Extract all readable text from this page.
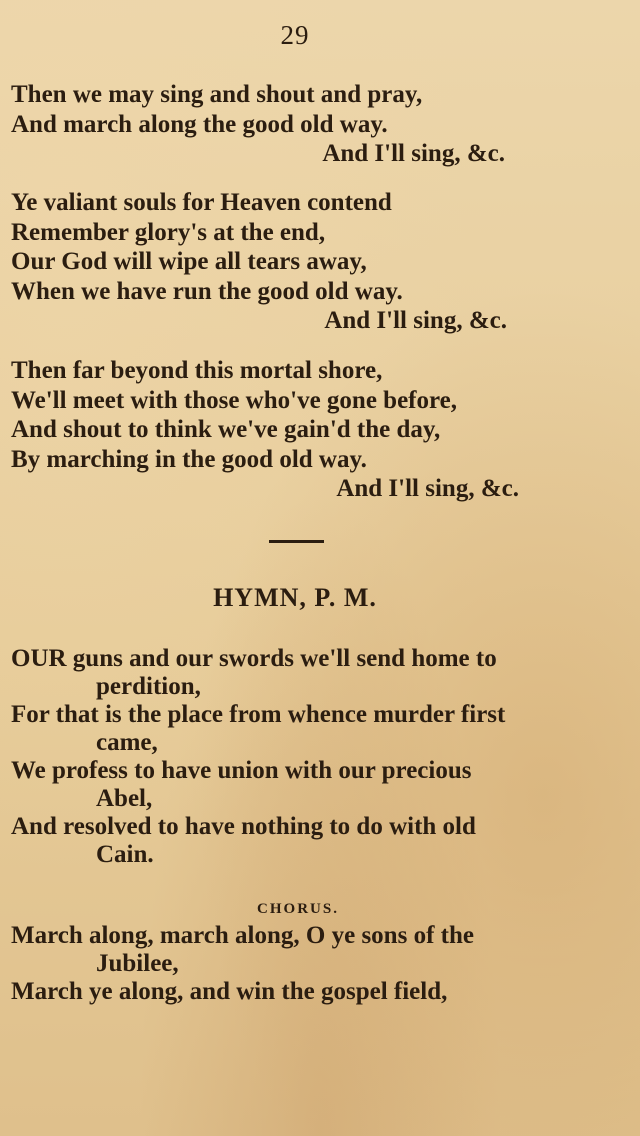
29
Then we may sing and shout and pray,
And march along the good old way.
And I'll sing, &c.
Ye valiant souls for Heaven contend
Remember glory's at the end,
Our God will wipe all tears away,
When we have run the good old way.
And I'll sing, &c.
Then far beyond this mortal shore,
We'll meet with those who've gone before,
And shout to think we've gain'd the day,
By marching in the good old way.
And I'll sing, &c.
HYMN, P. M.
OUR guns and our swords we'll send home to
perdition,
For that is the place from whence murder first
came,
We profess to have union with our precious
Abel,
And resolved to have nothing to do with old
Cain.
CHORUS.
March along, march along, O ye sons of the
Jubilee,
March ye along, and win the gospel field,
